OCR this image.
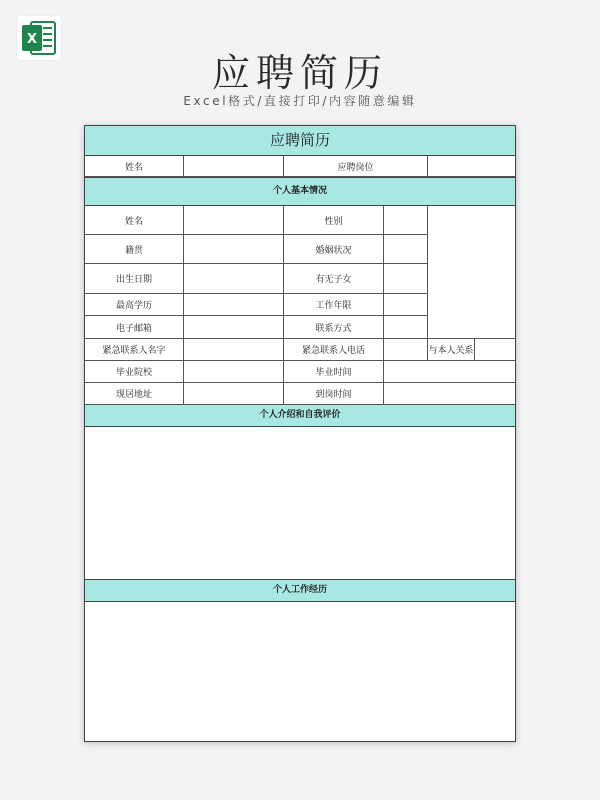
X
应聘简历
Excel格式/直接打印/内容随意编辑
应聘简历
姓名	应聘岗位
个人基本情况
姓名	性别
籍贯	婚姻状况
出生日期	有无子女
最高学历	工作年限
电子邮箱	联系方式
紧急联系人名字	紧急联系人电话	与本人关系
毕业院校	毕业时间
现居地址	到岗时间
个人介绍和自我评价
个人工作经历
